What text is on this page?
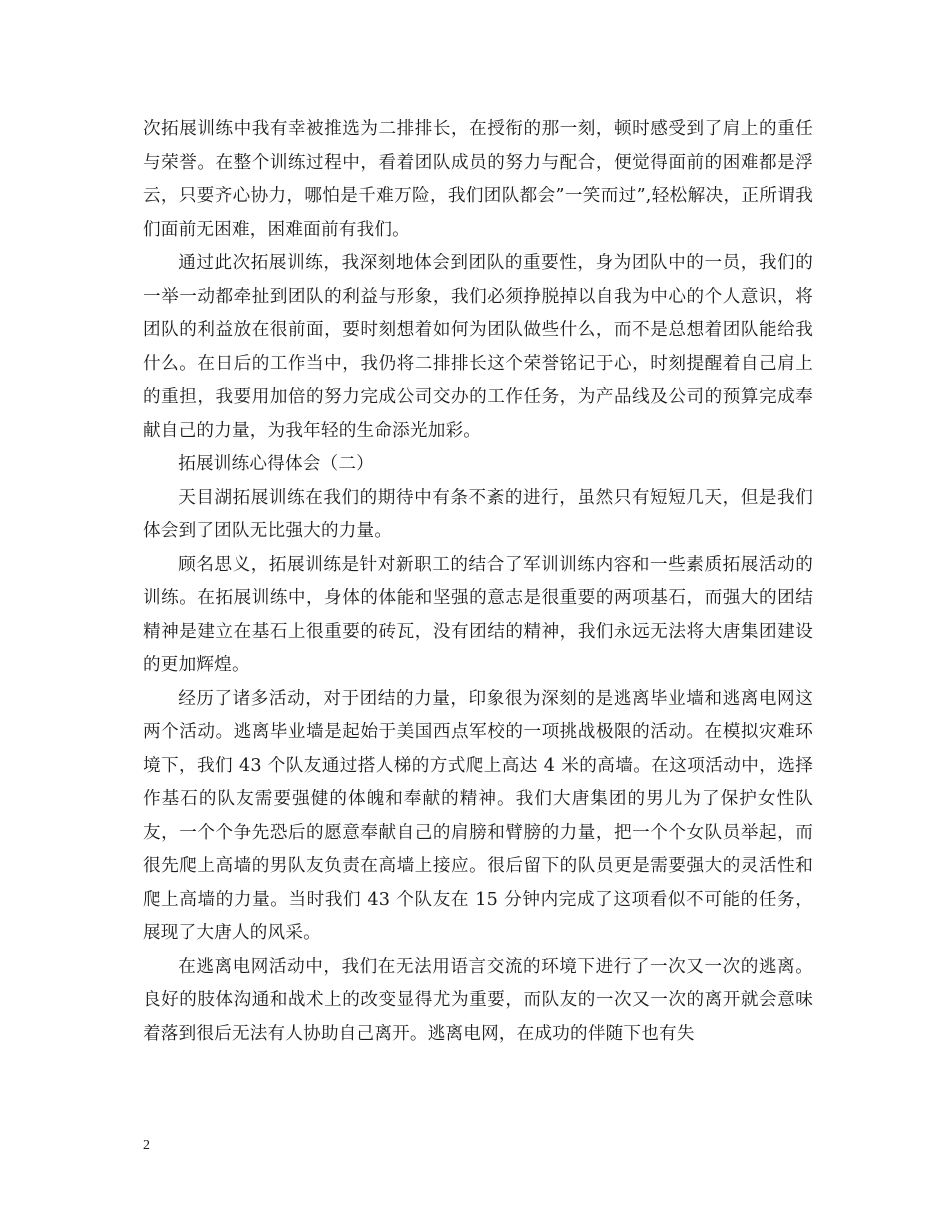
次拓展训练中我有幸被推选为二排排长，在授衔的那一刻，顿时感受到了肩上的重任与荣誉。在整个训练过程中，看着团队成员的努力与配合，便觉得面前的困难都是浮云，只要齐心协力，哪怕是千难万险，我们团队都会”一笑而过”,轻松解决，正所谓我们面前无困难，困难面前有我们。

通过此次拓展训练，我深刻地体会到团队的重要性，身为团队中的一员，我们的一举一动都牵扯到团队的利益与形象，我们必须挣脱掉以自我为中心的个人意识，将团队的利益放在很前面，要时刻想着如何为团队做些什么，而不是总想着团队能给我什么。在日后的工作当中，我仍将二排排长这个荣誉铭记于心，时刻提醒着自己肩上的重担，我要用加倍的努力完成公司交办的工作任务，为产品线及公司的预算完成奉献自己的力量，为我年轻的生命添光加彩。

拓展训练心得体会（二）

天目湖拓展训练在我们的期待中有条不紊的进行，虽然只有短短几天，但是我们体会到了团队无比强大的力量。

顾名思义，拓展训练是针对新职工的结合了军训训练内容和一些素质拓展活动的训练。在拓展训练中，身体的体能和坚强的意志是很重要的两项基石，而强大的团结精神是建立在基石上很重要的砖瓦，没有团结的精神，我们永远无法将大唐集团建设的更加辉煌。

经历了诸多活动，对于团结的力量，印象很为深刻的是逃离毕业墙和逃离电网这两个活动。逃离毕业墙是起始于美国西点军校的一项挑战极限的活动。在模拟灾难环境下，我们 43 个队友通过搭人梯的方式爬上高达 4 米的高墙。在这项活动中，选择作基石的队友需要强健的体魄和奉献的精神。我们大唐集团的男儿为了保护女性队友，一个个争先恐后的愿意奉献自己的肩膀和臂膀的力量，把一个个女队员举起，而很先爬上高墙的男队友负责在高墙上接应。很后留下的队员更是需要强大的灵活性和爬上高墙的力量。当时我们 43 个队友在 15 分钟内完成了这项看似不可能的任务，展现了大唐人的风采。

在逃离电网活动中，我们在无法用语言交流的环境下进行了一次又一次的逃离。良好的肢体沟通和战术上的改变显得尤为重要，而队友的一次又一次的离开就会意味着落到很后无法有人协助自己离开。逃离电网，在成功的伴随下也有失

2
